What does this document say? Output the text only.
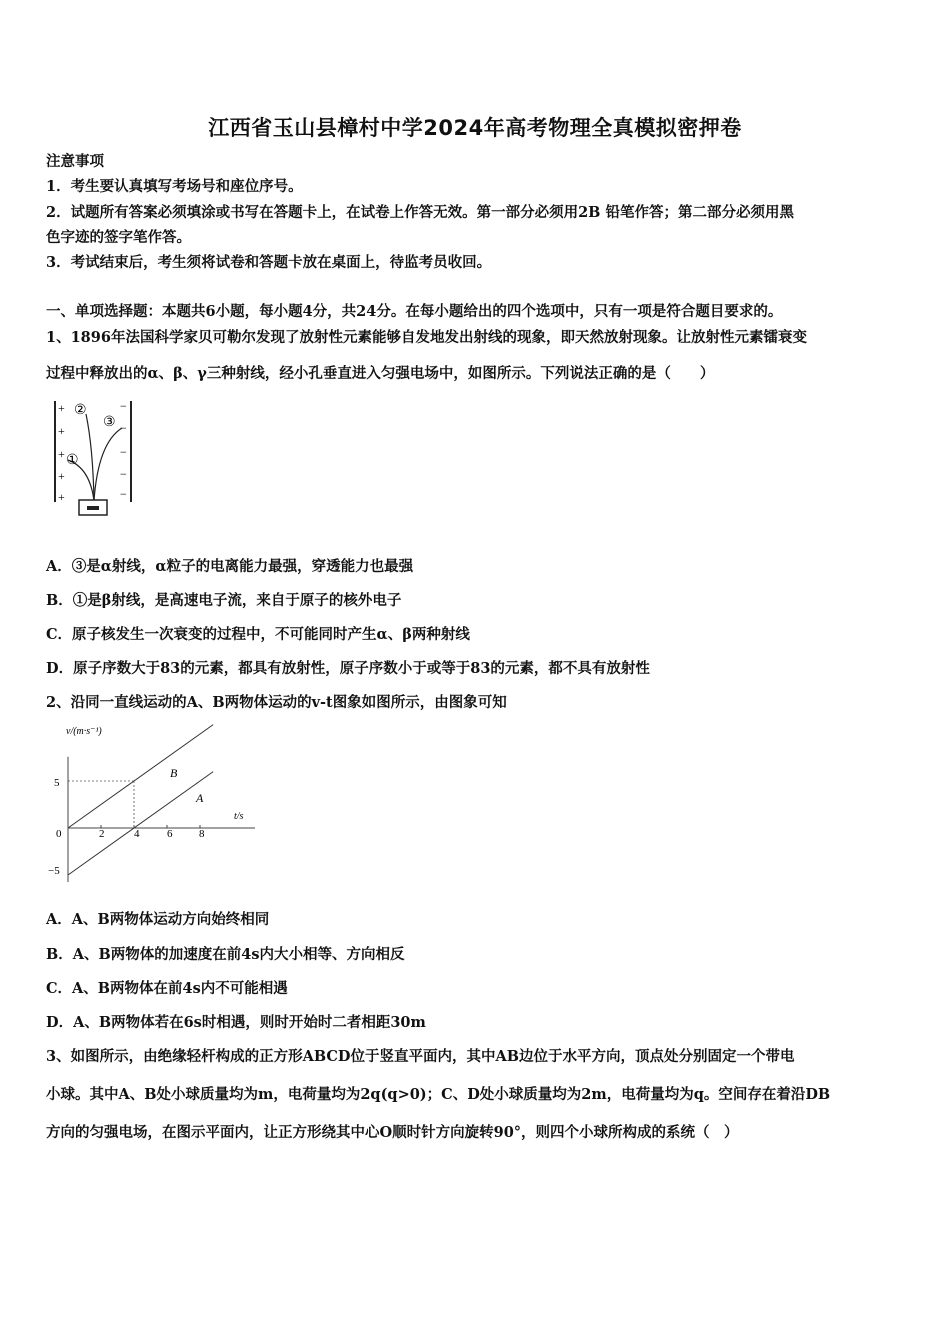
江西省玉山县樟村中学2024年高考物理全真模拟密押卷
注意事项
1．考生要认真填写考场号和座位序号。
2．试题所有答案必须填涂或书写在答题卡上，在试卷上作答无效。第一部分必须用2B 铅笔作答；第二部分必须用黑
色字迹的签字笔作答。
3．考试结束后，考生须将试卷和答题卡放在桌面上，待监考员收回。
一、单项选择题：本题共6小题，每小题4分，共24分。在每小题给出的四个选项中，只有一项是符合题目要求的。
1、1896年法国科学家贝可勒尔发现了放射性元素能够自发地发出射线的现象，即天然放射现象。让放射性元素镭衰变
过程中释放出的α、β、γ三种射线，经小孔垂直进入匀强电场中，如图所示。下列说法正确的是（　　）
+
+
+
+
+
−
−
−
−
−
①
②
③
A．③是α射线，α粒子的电离能力最强，穿透能力也最强
B．①是β射线，是高速电子流，来自于原子的核外电子
C．原子核发生一次衰变的过程中，不可能同时产生α、β两种射线
D．原子序数大于83的元素，都具有放射性，原子序数小于或等于83的元素，都不具有放射性
2、沿同一直线运动的A、B两物体运动的v-t图象如图所示，由图象可知
v/(m·s⁻¹)
t/s
0	2	4	6 8
5
−5
B
A
A．A、B两物体运动方向始终相同
B．A、B两物体的加速度在前4s内大小相等、方向相反
C．A、B两物体在前4s内不可能相遇
D．A、B两物体若在6s时相遇，则时开始时二者相距30m
3、如图所示，由绝缘轻杆构成的正方形ABCD位于竖直平面内，其中AB边位于水平方向，顶点处分别固定一个带电
小球。其中A、B处小球质量均为m，电荷量均为2q(q>0)；C、D处小球质量均为2m，电荷量均为q。空间存在着沿DB
方向的匀强电场，在图示平面内，让正方形绕其中心O顺时针方向旋转90°，则四个小球所构成的系统（　）
